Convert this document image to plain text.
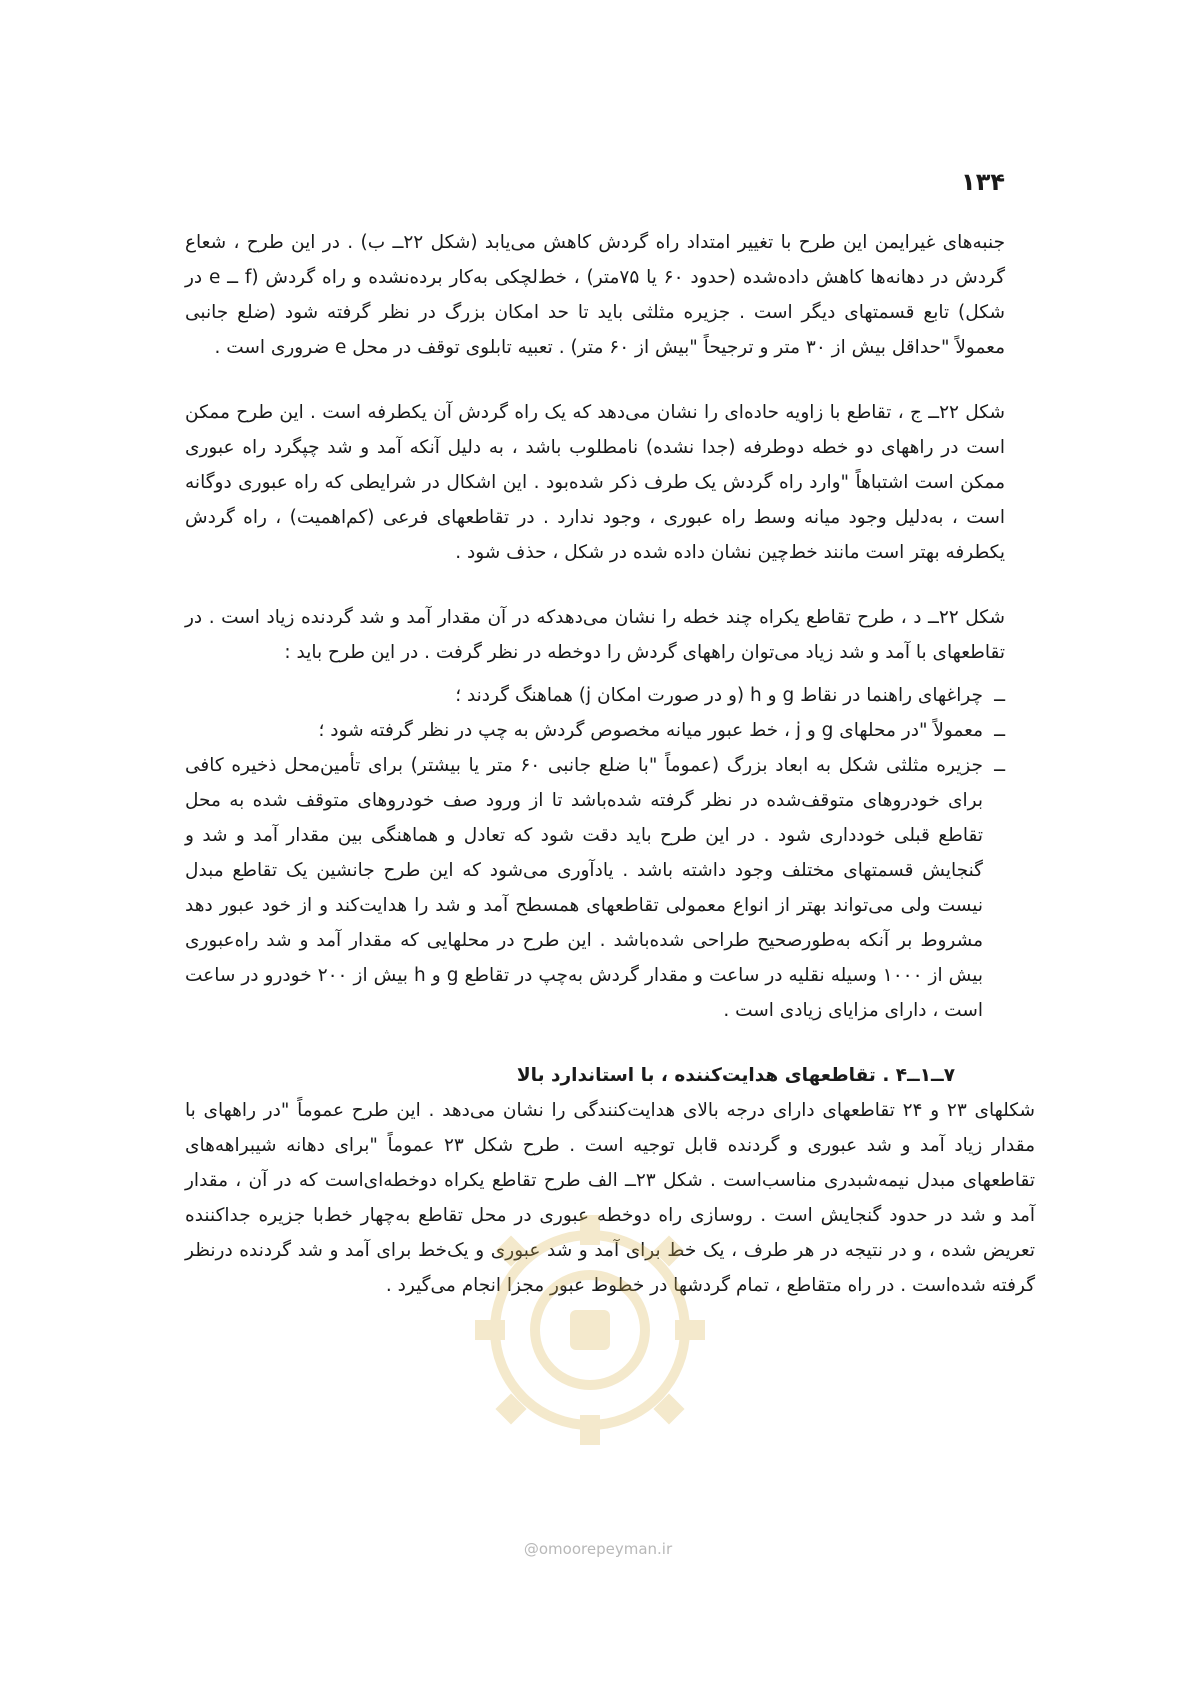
۱۳۴

جنبه‌های غیرایمن این طرح با تغییر امتداد راه گردش کاهش می‌یابد (شکل ۲۲ــ ب) . در این طرح ، شعاع گردش در دهانه‌ها کاهش داده‌شده (حدود ۶۰ یا ۷۵متر) ، خط‌لچکی به‌کار برده‌نشده و راه گردش (f ــ e در شکل) تابع قسمتهای دیگر است . جزیره مثلثی باید تا حد امکان بزرگ در نظر گرفته شود (ضلع جانبی معمولاً "حداقل بیش از ۳۰ متر و ترجیحاً "بیش از ۶۰ متر) . تعبیه تابلوی توقف در محل e ضروری است .

شکل ۲۲ــ ج ، تقاطع با زاویه حاده‌ای را نشان می‌دهد که یک راه گردش آن یکطرفه است . این طرح ممکن است در راههای دو خطه دوطرفه (جدا نشده) نامطلوب باشد ، به دلیل آنکه آمد و شد چپگرد راه عبوری ممکن است اشتباهاً "وارد راه گردش یک طرف ذکر شده‌بود . این اشکال در شرایطی که راه عبوری دوگانه است ، به‌دلیل وجود میانه وسط راه عبوری ، وجود ندارد . در تقاطعهای فرعی (کم‌اهمیت) ، راه گردش یکطرفه بهتر است مانند خط‌چین نشان داده شده در شکل ، حذف شود .

شکل ۲۲ــ د ، طرح تقاطع یکراه چند خطه را نشان می‌دهدکه در آن مقدار آمد و شد گردنده زیاد است . در تقاطعهای با آمد و شد زیاد می‌توان راههای گردش را دوخطه در نظر گرفت . در این طرح باید :

ــ
چراغهای راهنما در نقاط g و h (و در صورت امکان j) هماهنگ گردند ؛
ــ
معمولاً "در محلهای g و j ، خط عبور میانه مخصوص گردش به چپ در نظر گرفته شود ؛
ــ
جزیره مثلثی شکل به ابعاد بزرگ (عموماً "با ضلع جانبی ۶۰ متر یا بیشتر) برای تأمین‌محل ذخیره کافی برای خودروهای متوقف‌شده در نظر گرفته شده‌باشد تا از ورود صف خودروهای متوقف شده به محل تقاطع قبلی خودداری شود . در این طرح باید دقت شود که تعادل و هماهنگی بین مقدار آمد و شد و گنجایش قسمتهای مختلف وجود داشته باشد . یادآوری می‌شود که این طرح جانشین یک تقاطع مبدل نیست ولی می‌تواند بهتر از انواع معمولی تقاطعهای همسطح آمد و شد را هدایت‌کند و از خود عبور دهد مشروط بر آنکه به‌طورصحیح طراحی شده‌باشد . این طرح در محلهایی که مقدار آمد و شد راه‌عبوری بیش از ۱۰۰۰ وسیله نقلیه در ساعت و مقدار گردش به‌چپ در تقاطع g و h بیش از ۲۰۰ خودرو در ساعت است ، دارای مزایای زیادی است .
۷ــ۱ــ۴ . تقاطعهای هدایت‌کننده ، با استاندارد بالا

شکلهای ۲۳ و ۲۴ تقاطعهای دارای درجه بالای هدایت‌کنندگی را نشان می‌دهد . این طرح عموماً "در راههای با مقدار زیاد آمد و شد عبوری و گردنده قابل توجیه است . طرح شکل ۲۳ عموماً "برای دهانه شیبراهه‌های تقاطعهای مبدل نیمه‌شبدری مناسب‌است . شکل ۲۳ــ الف طرح تقاطع یکراه دوخطه‌ای‌است که در آن ، مقدار آمد و شد در حدود گنجایش است . روسازی راه دوخطه عبوری در محل تقاطع به‌چهار خط‌با جزیره جداکننده تعریض شده ، و در نتیجه در هر طرف ، یک خط برای آمد و شد عبوری و یک‌خط برای آمد و شد گردنده درنظر گرفته شده‌است . در راه متقاطع ، تمام گردشها در خطوط عبور مجزا انجام می‌گیرد .

@omoorepeyman.ir
